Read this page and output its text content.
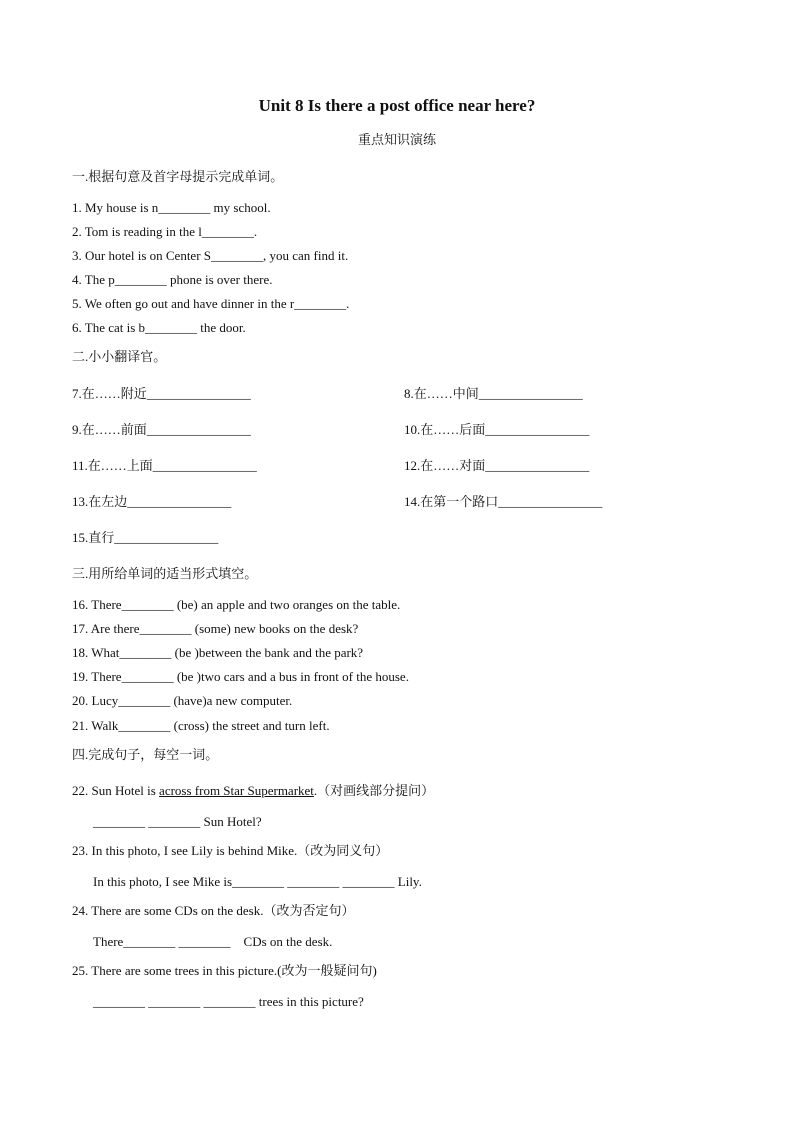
Unit 8 Is there a post office near here?
重点知识演练
一.根据句意及首字母提示完成单词。
1. My house is n________ my school.
2. Tom is reading in the l________.
3. Our hotel is on Center S________, you can find it.
4. The p________ phone is over there.
5. We often go out and have dinner in the r________.
6. The cat is b________ the door.
二.小小翻译官。
7.在……附近________________	8.在……中间________________
9.在……前面________________	10.在……后面________________
11.在……上面________________	12.在……对面________________
13.在左边________________	14.在第一个路口________________
15.直行________________
三.用所给单词的适当形式填空。
16. There________ (be) an apple and two oranges on the table.
17. Are there________ (some) new books on the desk?
18. What________ (be )between the bank and the park?
19. There________ (be )two cars and a bus in front of the house.
20. Lucy________ (have)a new computer.
21. Walk________ (cross) the street and turn left.
四.完成句子，每空一词。
22. Sun Hotel is across from Star Supermarket.（对画线部分提问）
________ ________ Sun Hotel?
23. In this photo, I see Lily is behind Mike.（改为同义句）
In this photo, I see Mike is________ ________ ________ Lily.
24. There are some CDs on the desk.（改为否定句）
There________ ________    CDs on the desk.
25. There are some trees in this picture.(改为一般疑问句)
________ ________ ________ trees in this picture?
